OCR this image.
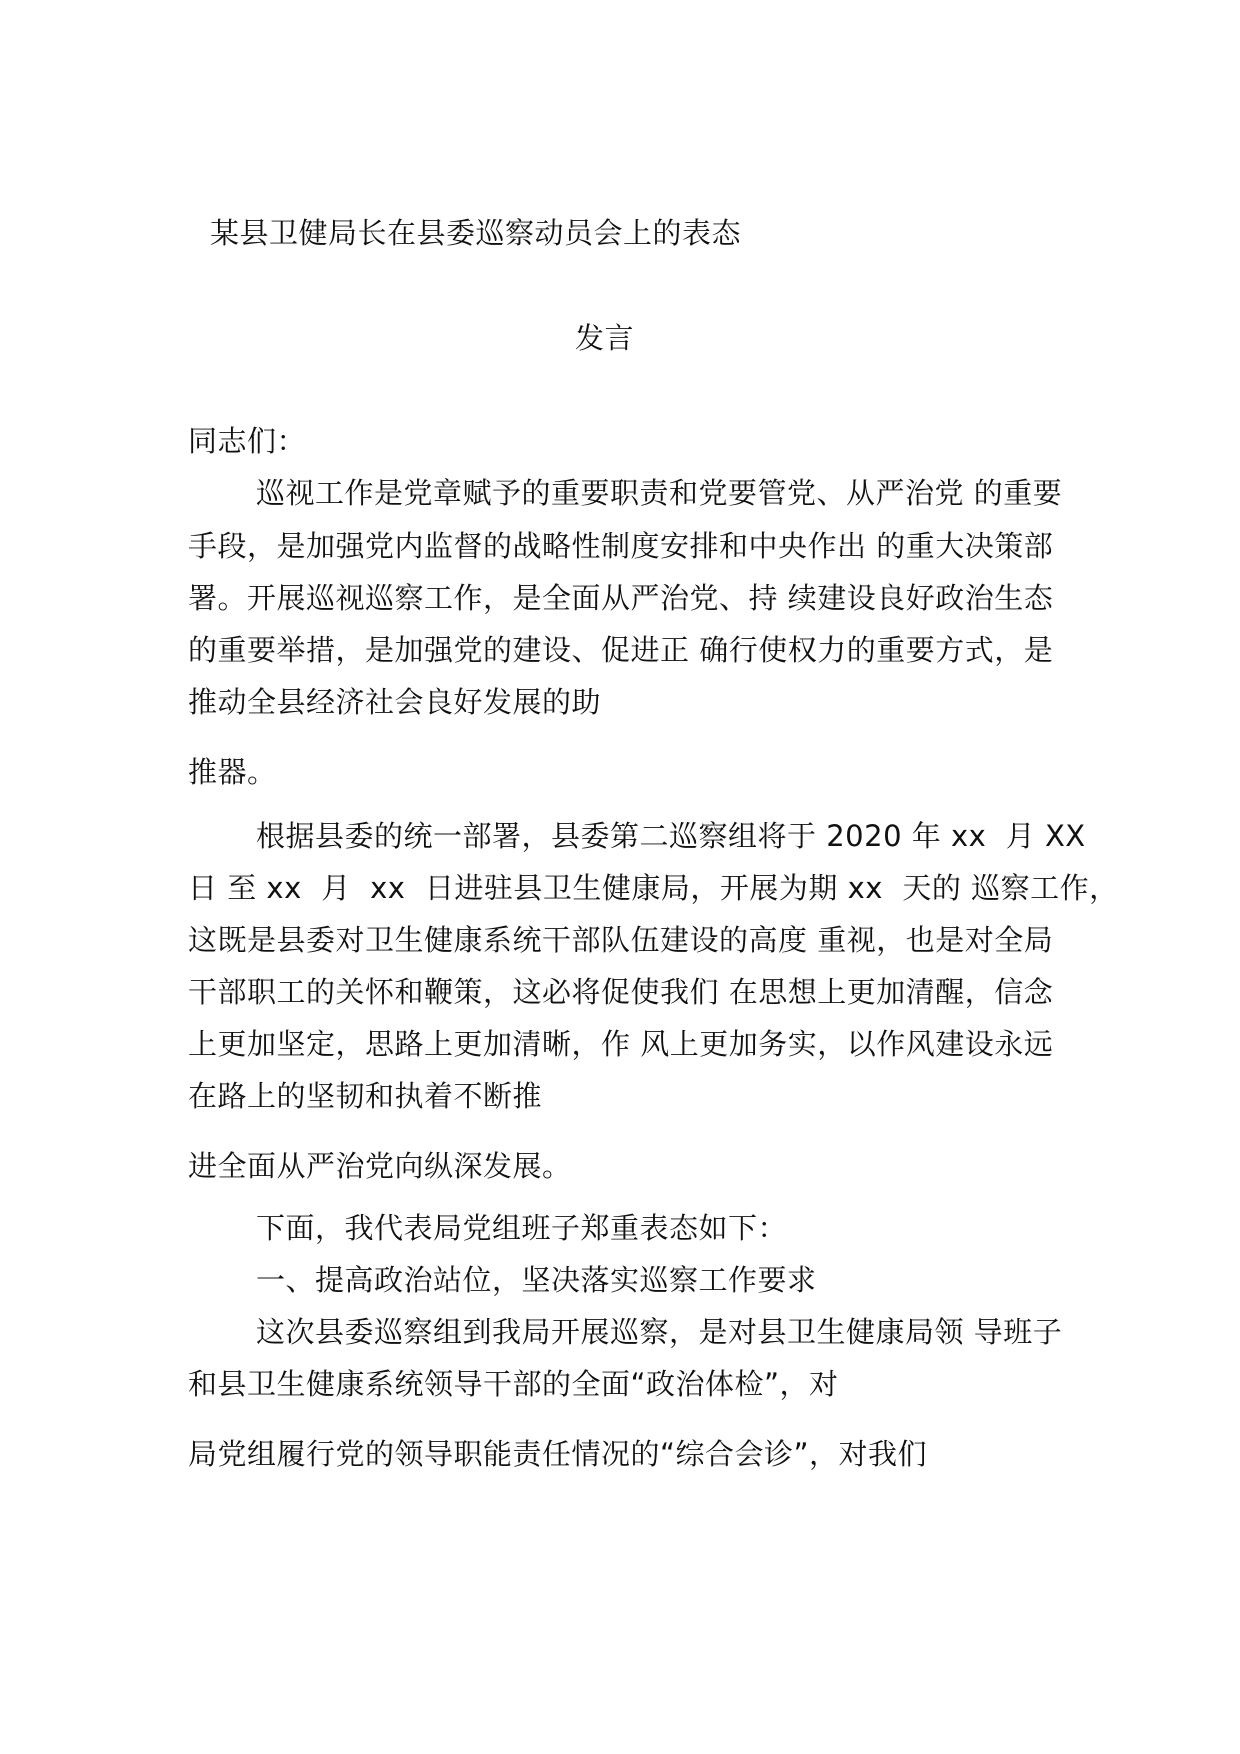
某县卫健局长在县委巡察动员会上的表态
发言
同志们：
巡视工作是党章赋予的重要职责和党要管党、从严治党 的重要
手段，是加强党内监督的战略性制度安排和中央作出 的重大决策部
署。开展巡视巡察工作，是全面从严治党、持 续建设良好政治生态
的重要举措，是加强党的建设、促进正 确行使权力的重要方式，是
推动全县经济社会良好发展的助
推器。
根据县委的统一部署，县委第二巡察组将于 2020 年 xx  月 XX
日 至 xx  月  xx  日进驻县卫生健康局，开展为期 xx  天的 巡察工作，
这既是县委对卫生健康系统干部队伍建设的高度 重视，也是对全局
干部职工的关怀和鞭策，这必将促使我们 在思想上更加清醒，信念
上更加坚定，思路上更加清晰，作 风上更加务实，以作风建设永远
在路上的坚韧和执着不断推
进全面从严治党向纵深发展。
下面，我代表局党组班子郑重表态如下：
一、提高政治站位，坚决落实巡察工作要求
这次县委巡察组到我局开展巡察，是对县卫生健康局领 导班子
和县卫生健康系统领导干部的全面“政治体检”，对
局党组履行党的领导职能责任情况的“综合会诊”，对我们
